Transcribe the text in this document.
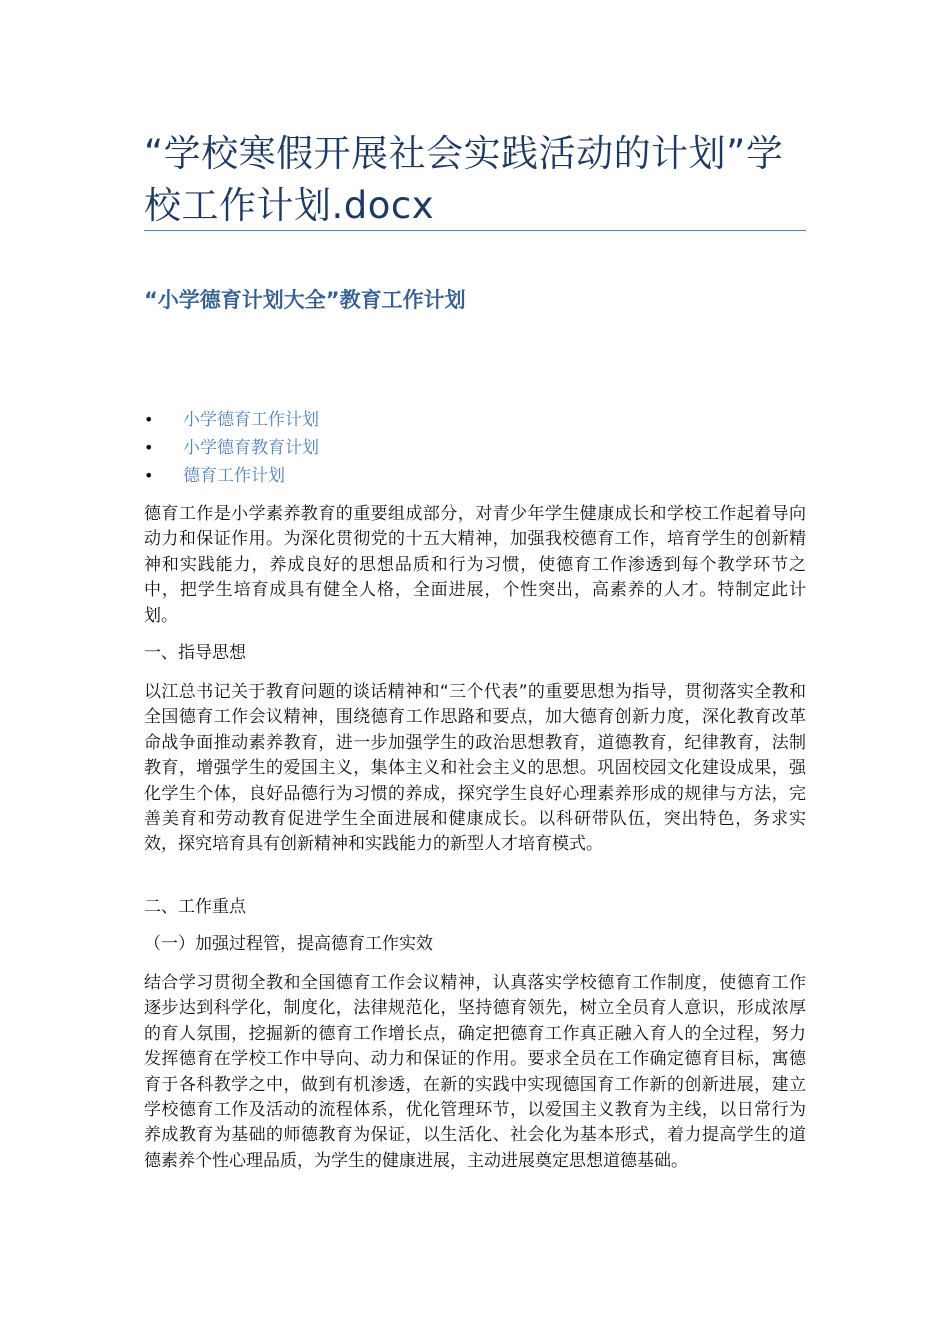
“学校寒假开展社会实践活动的计划”学校工作计划.docx
“小学德育计划大全”教育工作计划
•	小学德育工作计划
•	小学德育教育计划
•	德育工作计划

德育工作是小学素养教育的重要组成部分，对青少年学生健康成长和学校工作起着导向动力和保证作用。为深化贯彻党的十五大精神，加强我校德育工作，培育学生的创新精神和实践能力，养成良好的思想品质和行为习惯，使德育工作渗透到每个教学环节之中，把学生培育成具有健全人格，全面进展，个性突出，高素养的人才。特制定此计划。

一、指导思想

以江总书记关于教育问题的谈话精神和“三个代表”的重要思想为指导，贯彻落实全教和全国德育工作会议精神，围绕德育工作思路和要点，加大德育创新力度，深化教育改革命战争面推动素养教育，进一步加强学生的政治思想教育，道德教育，纪律教育，法制教育，增强学生的爱国主义，集体主义和社会主义的思想。巩固校园文化建设成果，强化学生个体，良好品德行为习惯的养成，探究学生良好心理素养形成的规律与方法，完善美育和劳动教育促进学生全面进展和健康成长。以科研带队伍，突出特色，务求实效，探究培育具有创新精神和实践能力的新型人才培育模式。

二、工作重点

（一）加强过程管，提高德育工作实效

结合学习贯彻全教和全国德育工作会议精神，认真落实学校德育工作制度，使德育工作逐步达到科学化，制度化，法律规范化，坚持德育领先，树立全员育人意识，形成浓厚的育人氛围，挖掘新的德育工作增长点，确定把德育工作真正融入育人的全过程，努力发挥德育在学校工作中导向、动力和保证的作用。要求全员在工作确定德育目标，寓德育于各科教学之中，做到有机渗透，在新的实践中实现德国育工作新的创新进展，建立学校德育工作及活动的流程体系，优化管理环节，以爱国主义教育为主线，以日常行为养成教育为基础的师德教育为保证，以生活化、社会化为基本形式，着力提高学生的道德素养个性心理品质，为学生的健康进展，主动进展奠定思想道德基础。
